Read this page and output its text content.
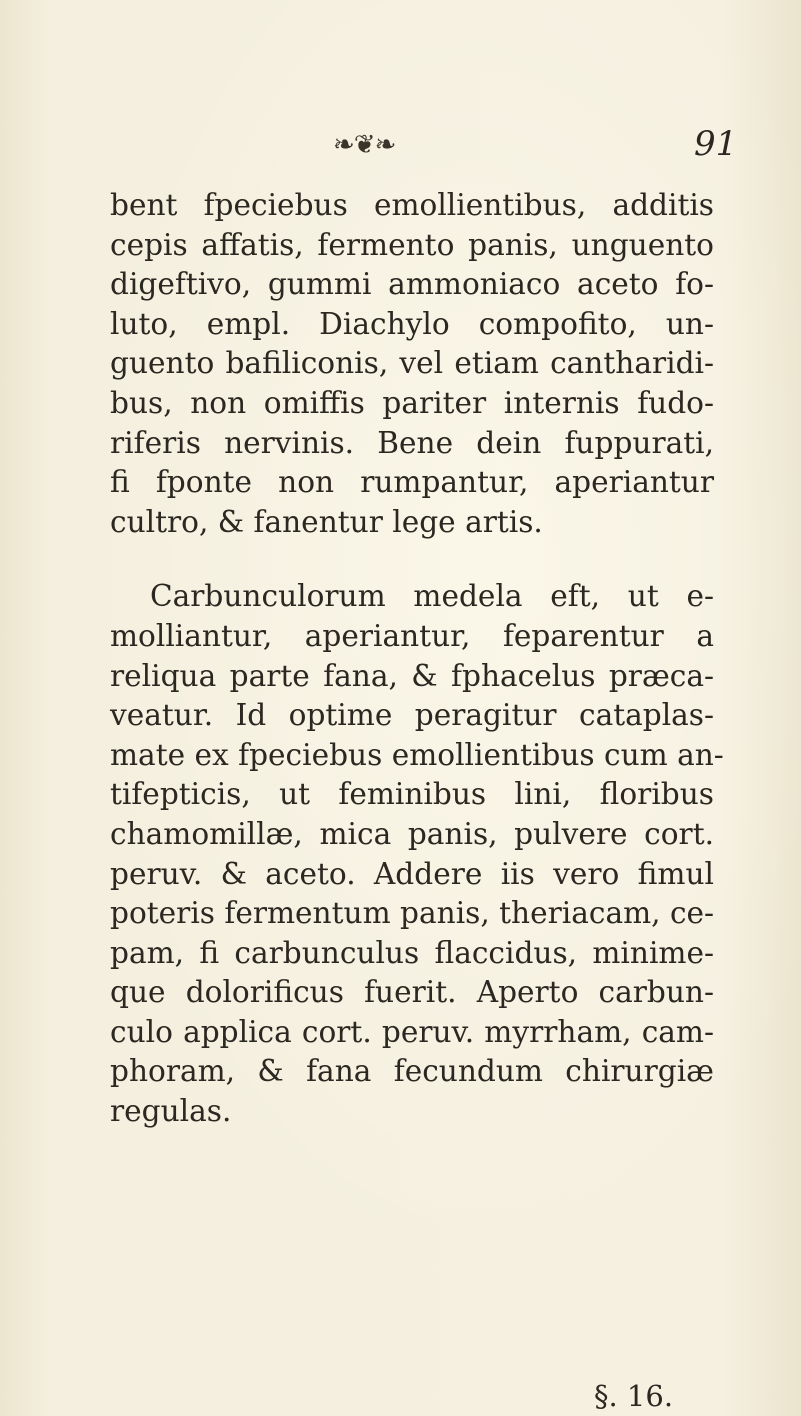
❧❦❧	91
bent fpeciebus emollientibus, additis
cepis affatis, fermento panis, unguento
digeftivo, gummi ammoniaco aceto fo-
luto, empl. Diachylo compofito, un-
guento bafiliconis, vel etiam cantharidi-
bus, non omiffis pariter internis fudo-
riferis nervinis. Bene dein fuppurati,
fi fponte non rumpantur, aperiantur
cultro, & fanentur lege artis.
Carbunculorum medela eft, ut e-
molliantur, aperiantur, feparentur a
reliqua parte fana, & fphacelus præca-
veatur. Id optime peragitur cataplas-
mate ex fpeciebus emollientibus cum an-
tifepticis, ut feminibus lini, floribus
chamomillæ, mica panis, pulvere cort.
peruv. & aceto. Addere iis vero fimul
poteris fermentum panis, theriacam, ce-
pam, fi carbunculus flaccidus, minime-
que dolorificus fuerit. Aperto carbun-
culo applica cort. peruv. myrrham, cam-
phoram, & fana fecundum chirurgiæ
regulas.
§. 16.
